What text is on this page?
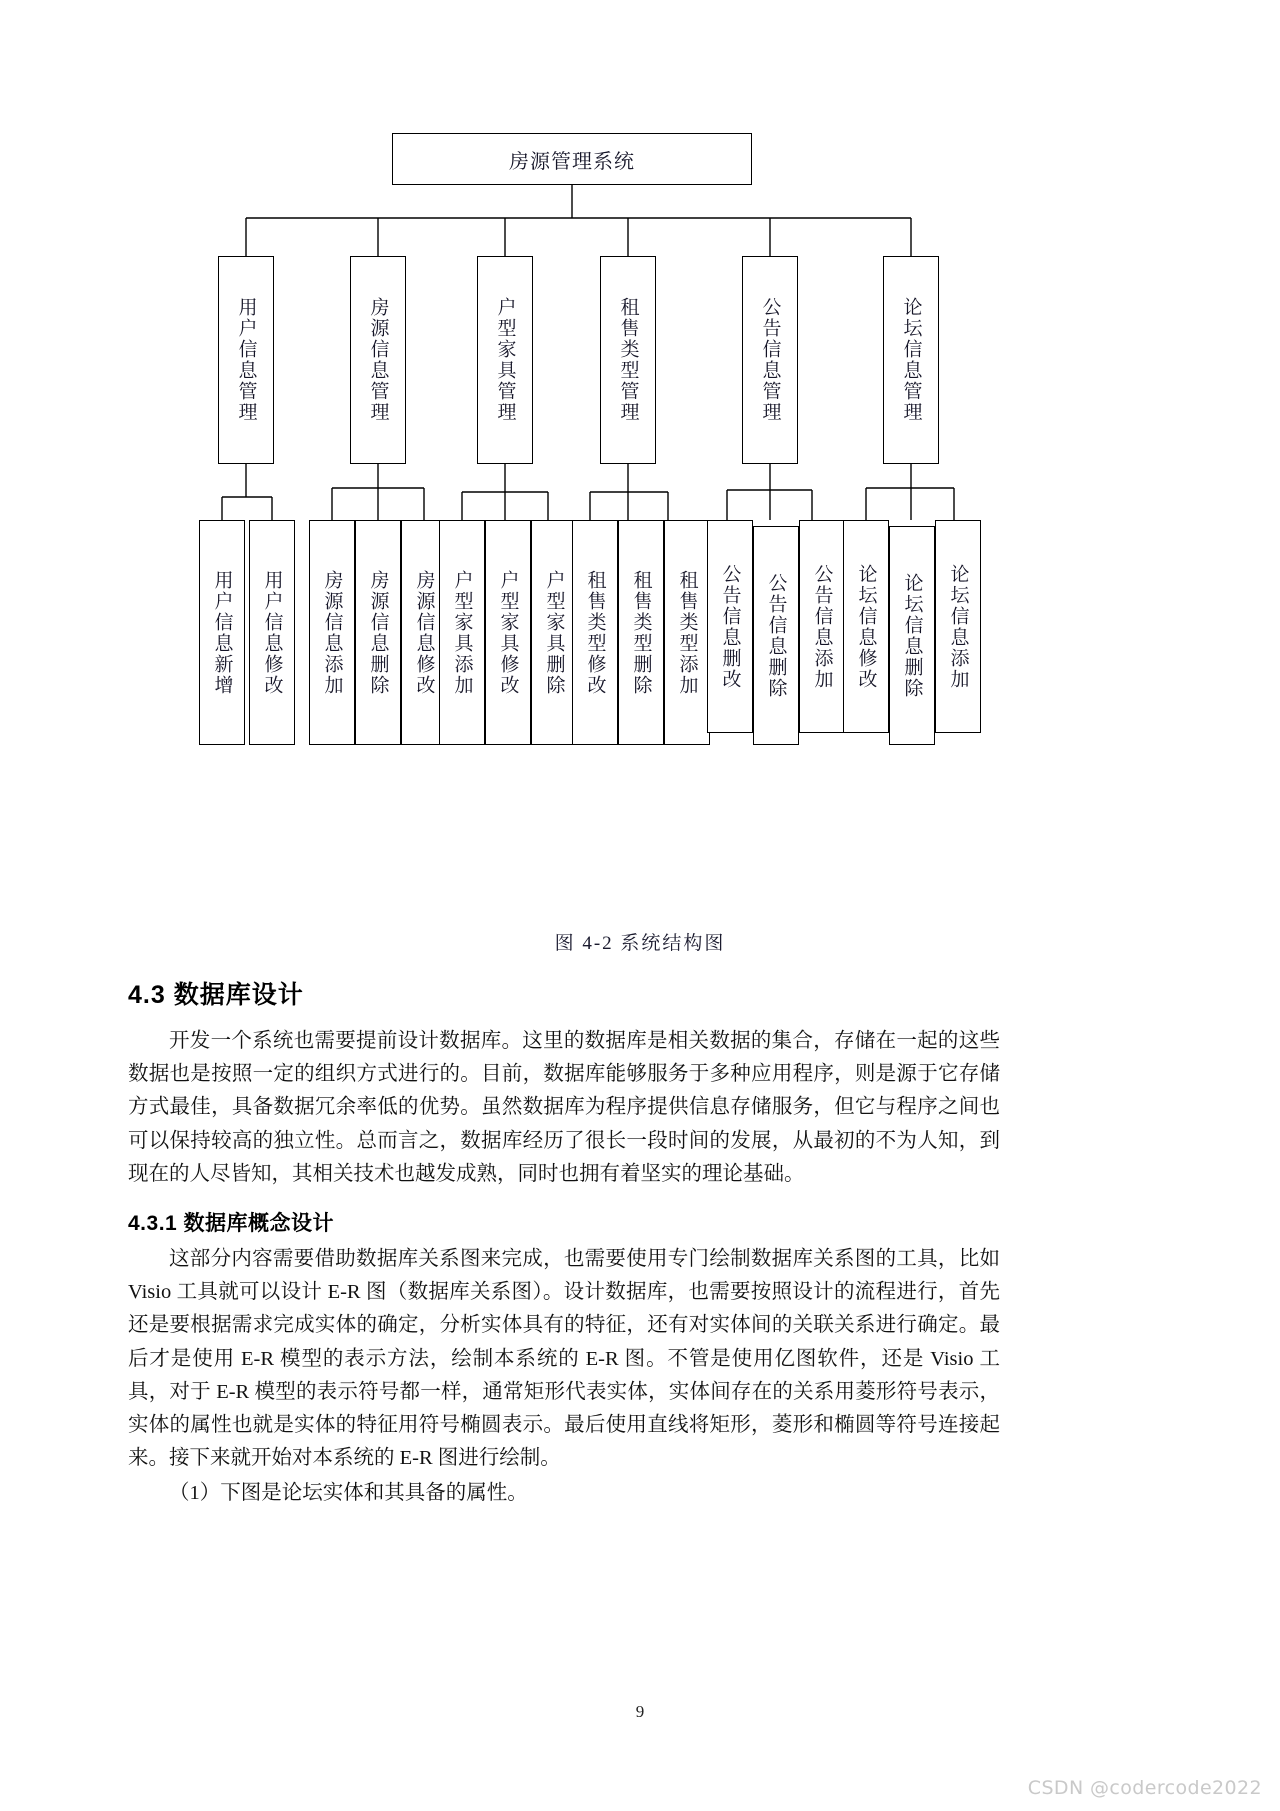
房源管理系统
用户信息管理	房源信息管理	户型家具管理	租售类型管理	公告信息管理	论坛信息管理
用户信息新增 用户信息修改 房源信息添加 房源信息删除 房源信息修改 户型家具添加 户型家具修改 户型家具删除 租售类型修改 租售类型删除 租售类型添加 公告信息删改 公告信息删除 公告信息添加 论坛信息修改 论坛信息删除 论坛信息添加
图 4-2 系统结构图
4.3 数据库设计

开发一个系统也需要提前设计数据库。这里的数据库是相关数据的集合，存储在一起的这些数据也是按照一定的组织方式进行的。目前，数据库能够服务于多种应用程序，则是源于它存储方式最佳，具备数据冗余率低的优势。虽然数据库为程序提供信息存储服务，但它与程序之间也可以保持较高的独立性。总而言之，数据库经历了很长一段时间的发展，从最初的不为人知，到现在的人尽皆知，其相关技术也越发成熟，同时也拥有着坚实的理论基础。

4.3.1 数据库概念设计

这部分内容需要借助数据库关系图来完成，也需要使用专门绘制数据库关系图的工具，比如 Visio 工具就可以设计 E-R 图（数据库关系图）。设计数据库，也需要按照设计的流程进行，首先还是要根据需求完成实体的确定，分析实体具有的特征，还有对实体间的关联关系进行确定。最后才是使用 E-R 模型的表示方法，绘制本系统的 E-R 图。不管是使用亿图软件，还是 Visio 工具，对于 E-R 模型的表示符号都一样，通常矩形代表实体，实体间存在的关系用菱形符号表示，实体的属性也就是实体的特征用符号椭圆表示。最后使用直线将矩形，菱形和椭圆等符号连接起来。接下来就开始对本系统的 E-R 图进行绘制。

（1）下图是论坛实体和其具备的属性。

9
CSDN @codercode2022
